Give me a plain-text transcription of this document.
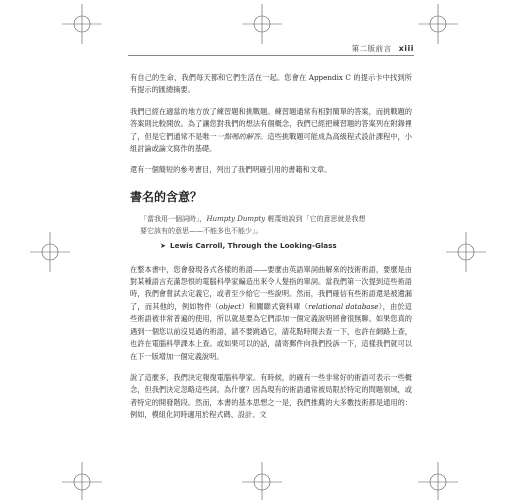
第二版前言 xiii

有自己的生命，我們每天都和它們生活在一起。您會在 Appendix C 的提示卡中找到所有提示的匯總摘要。

我們已經在適當的地方放了練習題和挑戰題。練習題通常有相對簡單的答案，而挑戰題的答案則比較開放。為了讓您對我們的想法有個概念，我們已經把練習題的答案列在附錄裡了，但是它們通常不是唯一一點嗎的解答。這些挑戰題可能成為高級程式設計課程中，小組討論或論文寫作的基礎。

還有一個簡短的參考書目，列出了我們明確引用的書籍和文章。

書名的含意？
「當我用一個詞時」，Humpty Dumpty 輕蔑地說到「它的意思就是我想
要它該有的意思——不能多也不能少」。
➤ Lewis Carroll, Through the Looking-Glass

在整本書中，您會發現各式各樣的術語——要麼由英語單詞曲解來的技術術語，要麼是由對某種語言充滿怨恨的電腦科學家編造出來令人髮指的單詞。當我們第一次提到這些術語時，我們會嘗試去定義它，或者至少給它一些說明。然而，我們確信有些術語還是被遺漏了，而其他的，例如物件（object）和關聯式資料庫（relational database），由於這些術語被非常普遍的使用，所以就是要為它們添加一個定義說明將會很無聊。如果您真的遇到一個您以前沒見過的術語，請不要跳過它，請花點時間去查一下，也許在網路上查，也許在電腦科學課本上查。或如果可以的話，請寄郵件向我們投訴一下，這樣我們就可以在下一版增加一個定義說明。

說了這麼多，我們決定報復電腦科學家。有時候，的確有一些非常好的術語可表示一些概念，但我們決定忽略這些詞。為什麼？因為現有的術語通常被局限於特定的問題領域，或者特定的開發階段。然而，本書的基本思想之一是，我們推薦的大多數技術都是通用的：例如，模組化同時適用於程式碼、設計、文
